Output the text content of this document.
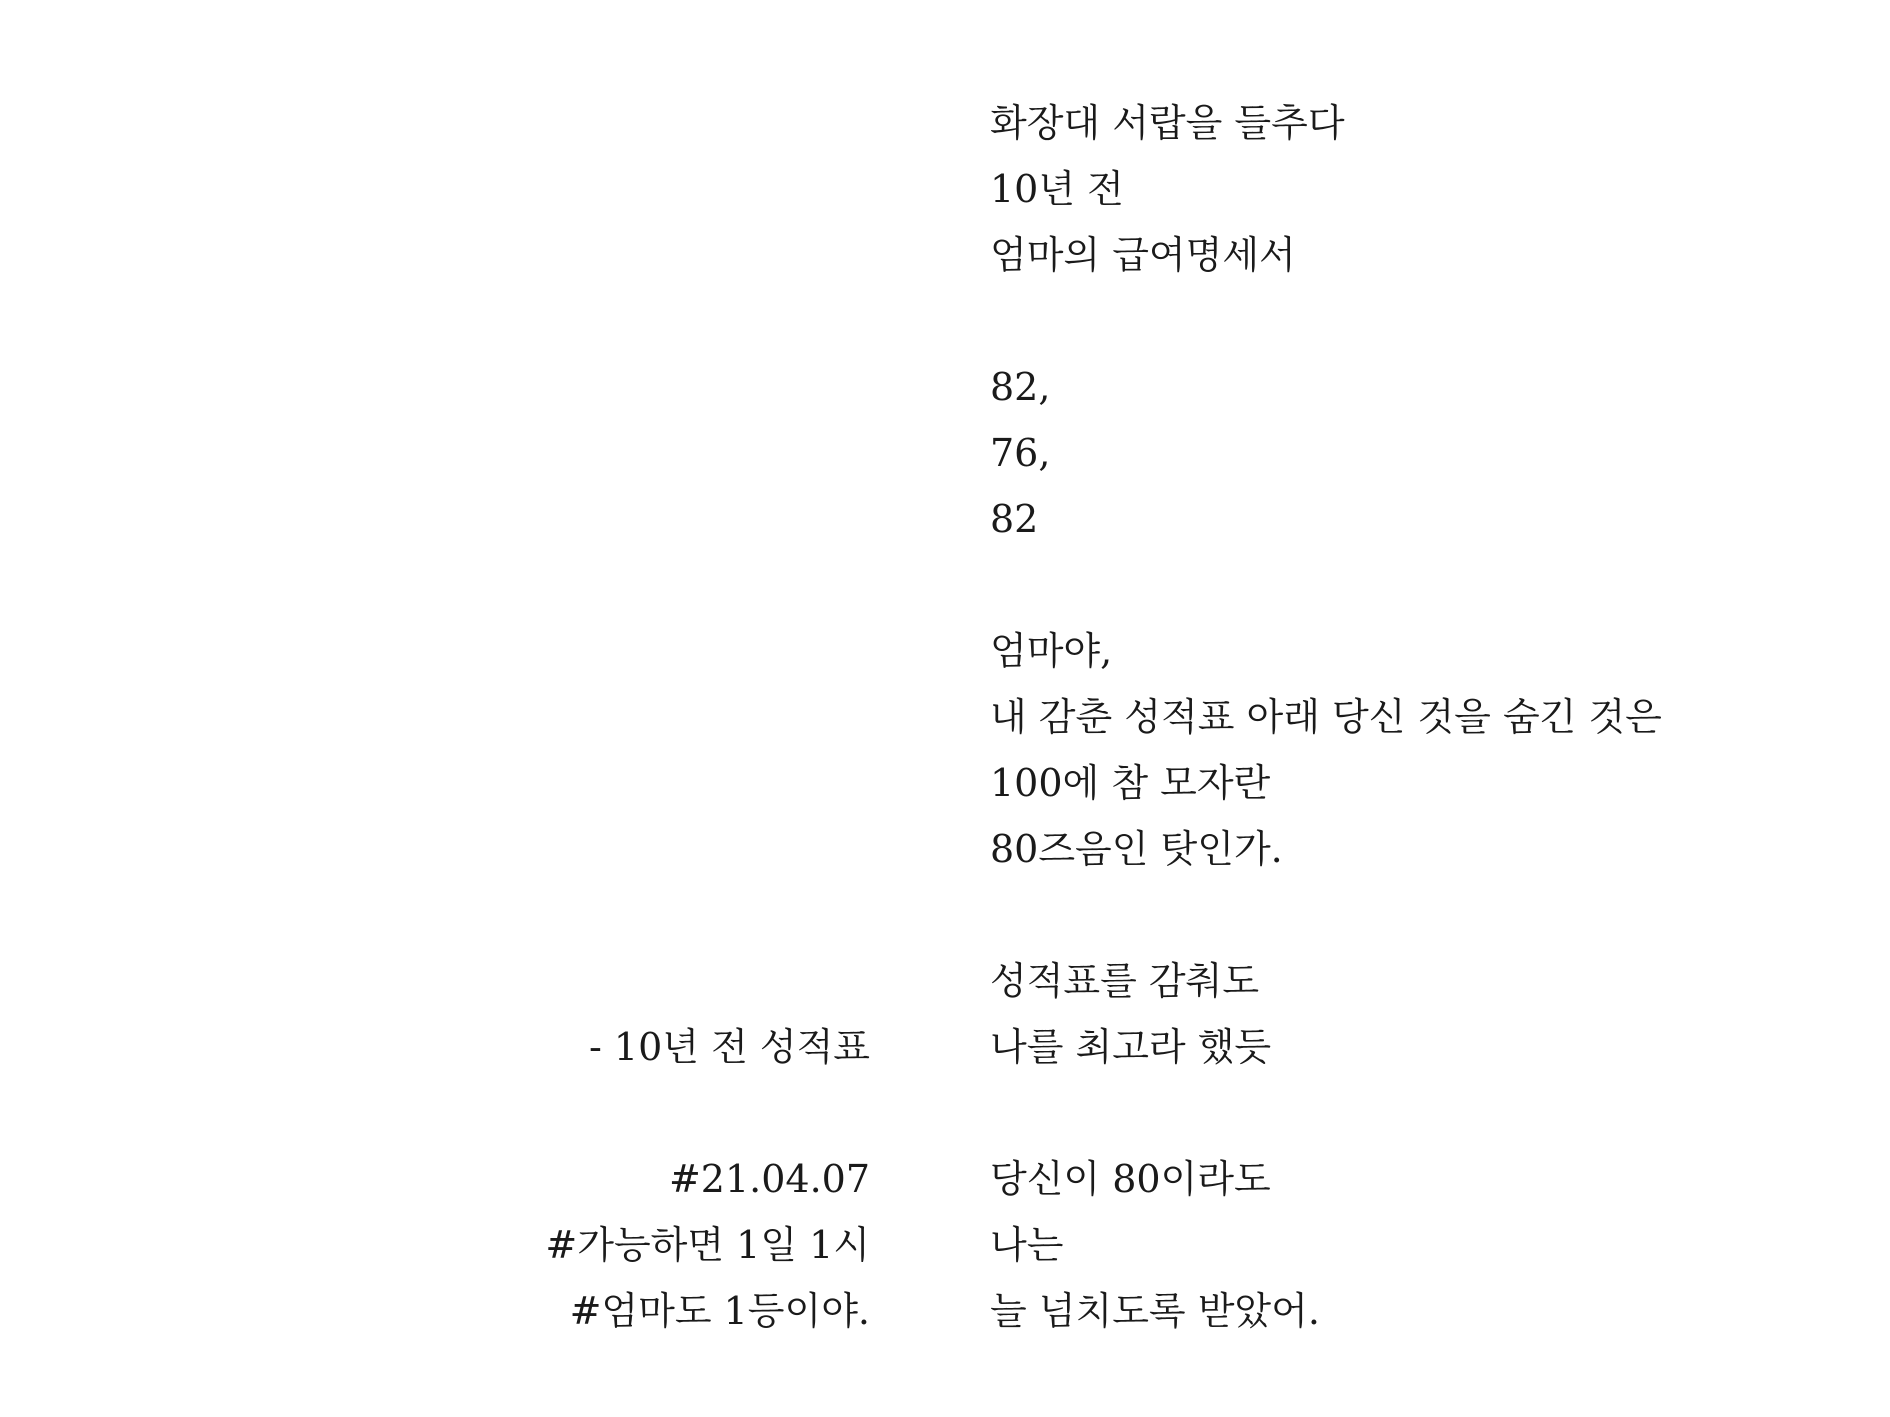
화장대 서랍을 들추다
10년 전
엄마의 급여명세서
82,
76,
82
엄마야,
내 감춘 성적표 아래 당신 것을 숨긴 것은
100에 참 모자란
80즈음인 탓인가.
성적표를 감춰도
나를 최고라 했듯
당신이 80이라도
나는
늘 넘치도록 받았어.
- 10년 전 성적표
#21.04.07
#가능하면 1일 1시
#엄마도 1등이야.
